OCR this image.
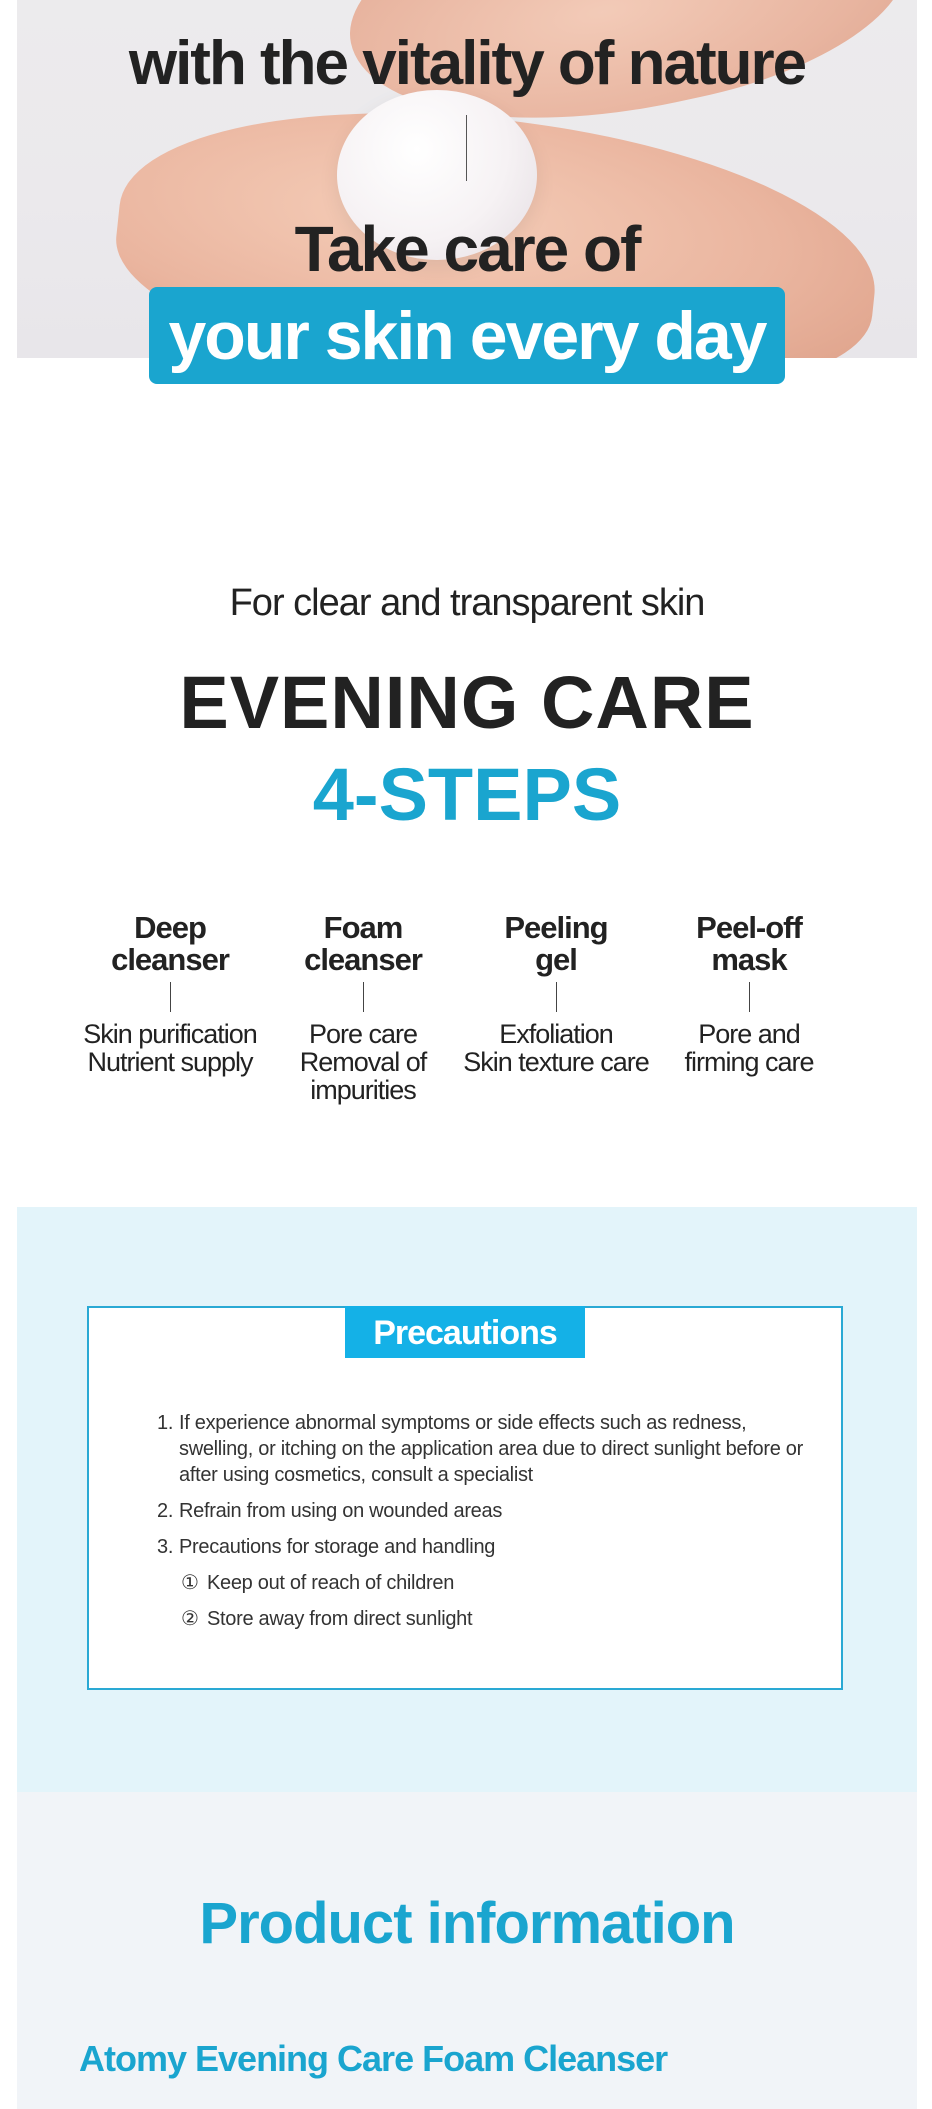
with the vitality of nature
Take care of
your skin every day
For clear and transparent skin
EVENING CARE
4-STEPS
Deep
cleanser
Skin purification
Nutrient supply
Foam
cleanser
Pore care
Removal of
impurities
Peeling
gel
Exfoliation
Skin texture care
Peel-off
mask
Pore and
firming care
Precautions
1. If experience abnormal symptoms or side effects such as redness, swelling, or itching on the application area due to direct sunlight before or after using cosmetics, consult a specialist
2. Refrain from using on wounded areas
3. Precautions for storage and handling
① Keep out of reach of children
② Store away from direct sunlight
Product information
Atomy Evening Care Foam Cleanser
